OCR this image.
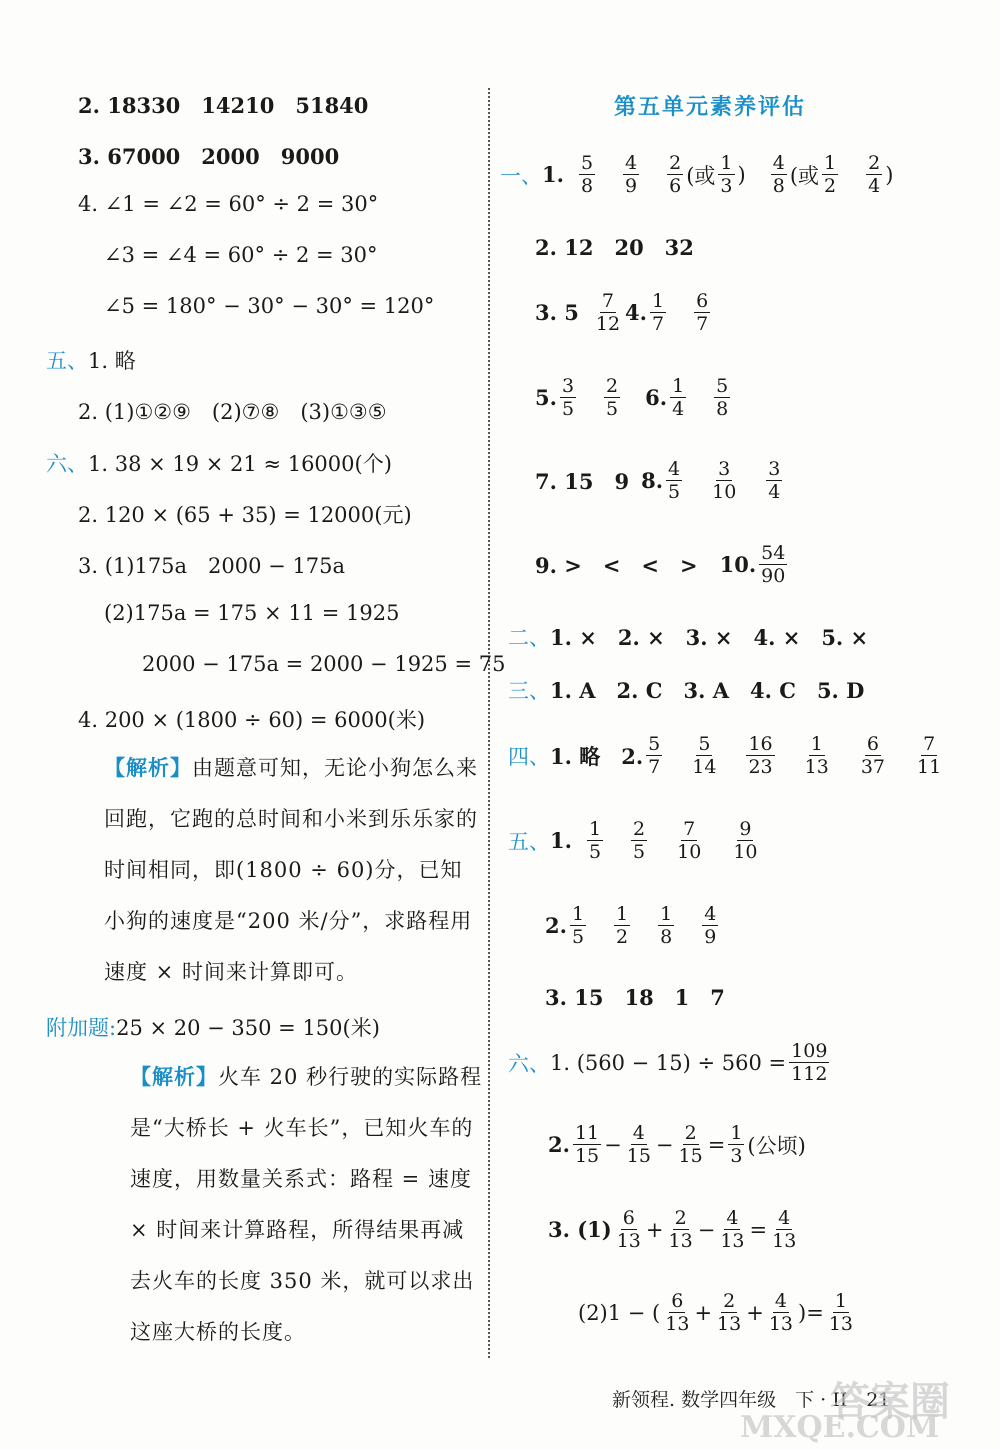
2. 18330　14210　51840
3. 67000　2000　9000
4. ∠1 = ∠2 = 60° ÷ 2 = 30°
∠3 = ∠4 = 60° ÷ 2 = 30°
∠5 = 180° − 30° − 30° = 120°
五、1. 略
2. (1)①②⑨　(2)⑦⑧　(3)①③⑤
六、1. 38 × 19 × 21 ≈ 16000(个)
2. 120 × (65 + 35) = 12000(元)
3. (1)175a　2000 − 175a
(2)175a = 175 × 11 = 1925
2000 − 175a = 2000 − 1925 = 75
4. 200 × (1800 ÷ 60) = 6000(米)
【解析】由题意可知，无论小狗怎么来回跑，它跑的总时间和小米到乐乐家的时间相同，即(1800 ÷ 60)分，已知小狗的速度是“200 米/分”，求路程用速度 × 时间来计算即可。
附加题:25 × 20 − 350 = 150(米)
【解析】火车 20 秒行驶的实际路程是“大桥长 + 火车长”，已知火车的速度，用数量关系式：路程 = 速度 × 时间来计算路程，所得结果再减去火车的长度 350 米，就可以求出这座大桥的长度。
第五单元素养评估
一、 1. $\frac{5}{8} \frac{4}{9} \frac{2}{6}$ (或 $\frac{1}{3}$ ) $\frac{4}{8}$ (或 $\frac{1}{2} \frac{2}{4}$ )
2. 12　20　32
3. $5 \frac{7}{12} 4$. $\frac{1}{7} \frac{6}{7}$
5. $\frac{3}{5} \frac{2}{5} 6$. $\frac{1}{4} \frac{5}{8}$
7. 15　9 8. $\frac{4}{5} \frac{3}{10} \frac{3}{4}$
9. >　<　<　> 10. $\frac{54}{90}$
二、1. ×　2. ×　3. ×　4. ×　5. ×
三、1. A　2. C　3. A　4. C　5. D
四、 1. 略　2. $\frac{5}{7} \frac{5}{14} \frac{16}{23} \frac{1}{13} \frac{6}{37} \frac{7}{11}$
五、 1. $\frac{1}{5} \frac{2}{5} \frac{7}{10} \frac{9}{10}$
2. $\frac{1}{5} \frac{1}{2} \frac{1}{8} \frac{4}{9}$
3. 15　18　1　7
六、 1. $(560 - 15) \div 560 = \frac{109}{112}$
2. $\frac{11}{15} - \frac{4}{15} - \frac{2}{15} = \frac{1}{3}$ (公顷)
3. $(1) \frac{6}{13} + \frac{2}{13} - \frac{4}{13} = \frac{4}{13}$
(2)1 − ( $\frac{6}{13} + \frac{2}{13} + \frac{4}{13}$ ) = $\frac{1}{13}$
新领程. 数学四年级　下 · II　21
答案圈
MXQE.COM
